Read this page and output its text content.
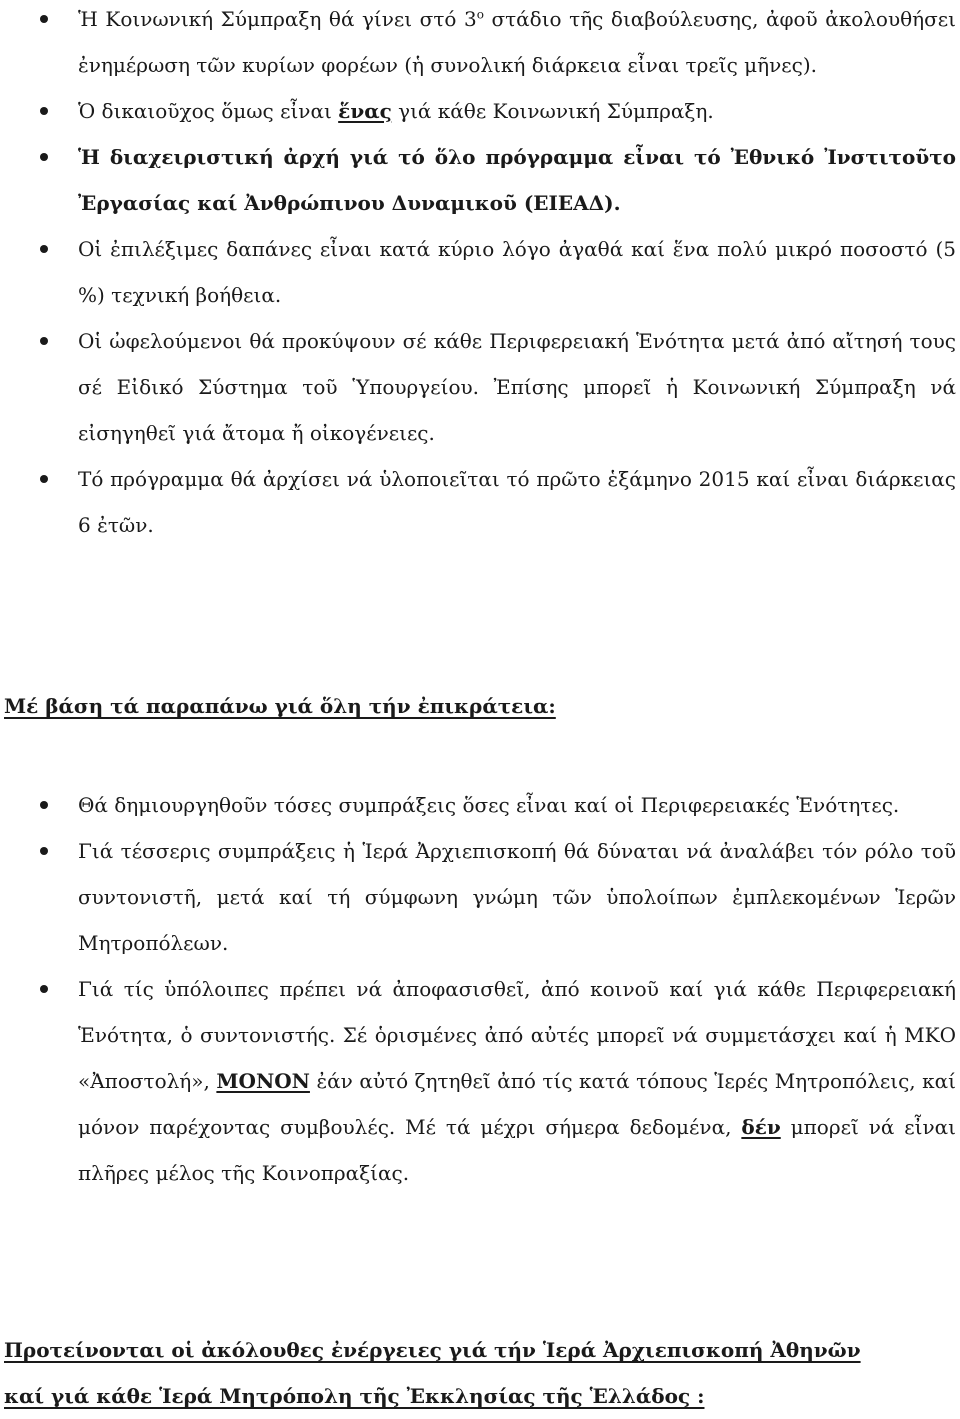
Ἡ Κοινωνική Σύμπραξη θά γίνει στό $3^o$ στάδιο τῆς διαβούλευσης, ἀφοῦ ἀκολουθήσει ἐνημέρωση τῶν κυρίων φορέων (ἡ συνολική διάρκεια εἶναι τρεῖς μῆνες).
Ὁ δικαιοῦχος ὅμως εἶναι ἕνας γιά κάθε Κοινωνική Σύμπραξη.
Ἡ διαχειριστική ἀρχή γιά τό ὅλο πρόγραμμα εἶναι τό Ἐθνικό Ἰνστιτοῦτο Ἐργασίας καί Ἀνθρώπινου Δυναμικοῦ (ΕΙΕΑΔ).
Οἱ ἐπιλέξιμες δαπάνες εἶναι κατά κύριο λόγο ἀγαθά καί ἕνα πολύ μικρό ποσοστό (5 %) τεχνική βοήθεια.
Οἱ ὠφελούμενοι θά προκύψουν σέ κάθε Περιφερειακή Ἑνότητα μετά ἀπό αἴτησή τους σέ Εἰδικό Σύστημα τοῦ Ὑπουργείου. Ἐπίσης μπορεῖ ἡ Κοινωνική Σύμπραξη νά εἰσηγηθεῖ γιά ἄτομα ἤ οἰκογένειες.
Τό πρόγραμμα θά ἀρχίσει νά ὑλοποιεῖται τό πρῶτο ἑξάμηνο 2015 καί εἶναι διάρκειας 6 ἐτῶν.
Μέ βάση τά παραπάνω γιά ὅλη τήν ἐπικράτεια:
Θά δημιουργηθοῦν τόσες συμπράξεις ὅσες εἶναι καί οἱ Περιφερειακές Ἑνότητες.
Γιά τέσσερις συμπράξεις ἡ Ἱερά Ἀρχιεπισκοπή θά δύναται νά ἀναλάβει τόν ρόλο τοῦ συντονιστῆ, μετά καί τή σύμφωνη γνώμη τῶν ὑπολοίπων ἐμπλεκομένων Ἱερῶν Μητροπόλεων.
Γιά τίς ὑπόλοιπες πρέπει νά ἀποφασισθεῖ, ἀπό κοινοῦ καί γιά κάθε Περιφερειακή Ἑνότητα, ὁ συντονιστής. Σέ ὁρισμένες ἀπό αὐτές μπορεῖ νά συμμετάσχει καί ἡ ΜΚΟ «Ἀποστολή», ΜΟΝΟΝ ἐάν αὐτό ζητηθεῖ ἀπό τίς κατά τόπους Ἱερές Μητροπόλεις, καί μόνον παρέχοντας συμβουλές. Μέ τά μέχρι σήμερα δεδομένα, δέν μπορεῖ νά εἶναι πλῆρες μέλος τῆς Κοινοπραξίας.
Προτείνονται οἱ ἀκόλουθες ἐνέργειες γιά τήν Ἱερά Ἀρχιεπισκοπή Ἀθηνῶν
καί γιά κάθε Ἱερά Μητρόπολη τῆς Ἐκκλησίας τῆς Ἑλλάδος :
